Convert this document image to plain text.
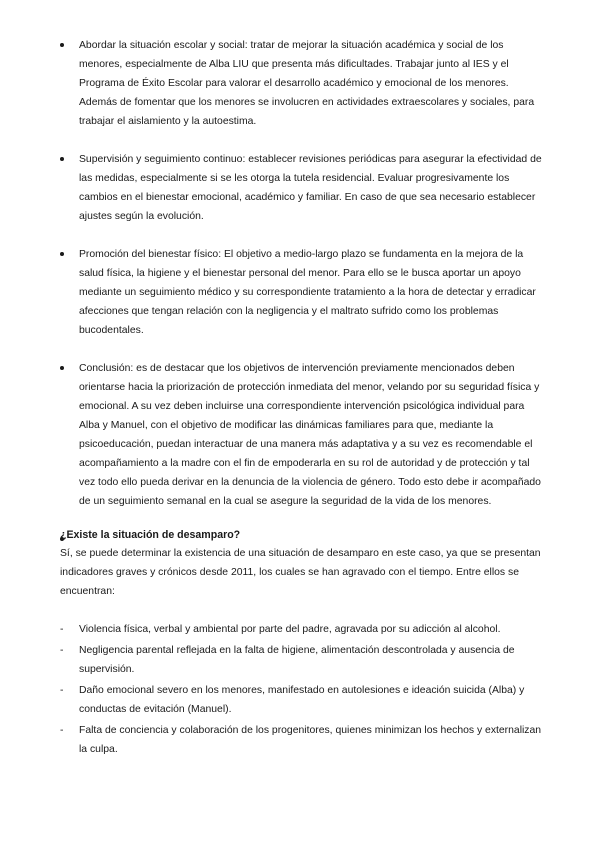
Abordar la situación escolar y social: tratar de mejorar la situación académica y social de los menores, especialmente de Alba LIU que presenta más dificultades. Trabajar junto al IES y el Programa de Éxito Escolar para valorar el desarrollo académico y emocional de los menores. Además de fomentar que los menores se involucren en actividades extraescolares y sociales, para trabajar el aislamiento y la autoestima.
Supervisión y seguimiento continuo: establecer revisiones periódicas para asegurar la efectividad de las medidas, especialmente si se les otorga la tutela residencial. Evaluar progresivamente los cambios en el bienestar emocional, académico y familiar. En caso de que sea necesario establecer ajustes según la evolución.
Promoción del bienestar físico: El objetivo a medio-largo plazo se fundamenta en la mejora de la salud física, la higiene y el bienestar personal del menor. Para ello se le busca aportar un apoyo mediante un seguimiento médico y su correspondiente tratamiento a la hora de detectar y erradicar afecciones que tengan relación con la negligencia y el maltrato sufrido como los problemas bucodentales.
Conclusión: es de destacar que los objetivos de intervención previamente mencionados deben orientarse hacia la priorización de protección inmediata del menor, velando por su seguridad física y emocional. A su vez deben incluirse una correspondiente intervención psicológica individual para Alba y Manuel, con el objetivo de modificar las dinámicas familiares para que, mediante la psicoeducación, puedan interactuar de una manera más adaptativa y a su vez es recomendable el acompañamiento a la madre con el fin de empoderarla en su rol de autoridad y de protección y tal vez todo ello pueda derivar en la denuncia de la violencia de género. Todo esto debe ir acompañado de un seguimiento semanal en la cual se asegure la seguridad de la vida de los menores.
¿Existe la situación de desamparo?

Sí, se puede determinar la existencia de una situación de desamparo en este caso, ya que se presentan indicadores graves y crónicos desde 2011, los cuales se han agravado con el tiempo. Entre ellos se encuentran:

- Violencia física, verbal y ambiental por parte del padre, agravada por su adicción al alcohol.
- Negligencia parental reflejada en la falta de higiene, alimentación descontrolada y ausencia de supervisión.
- Daño emocional severo en los menores, manifestado en autolesiones e ideación suicida (Alba) y conductas de evitación (Manuel).
- Falta de conciencia y colaboración de los progenitores, quienes minimizan los hechos y externalizan la culpa.
